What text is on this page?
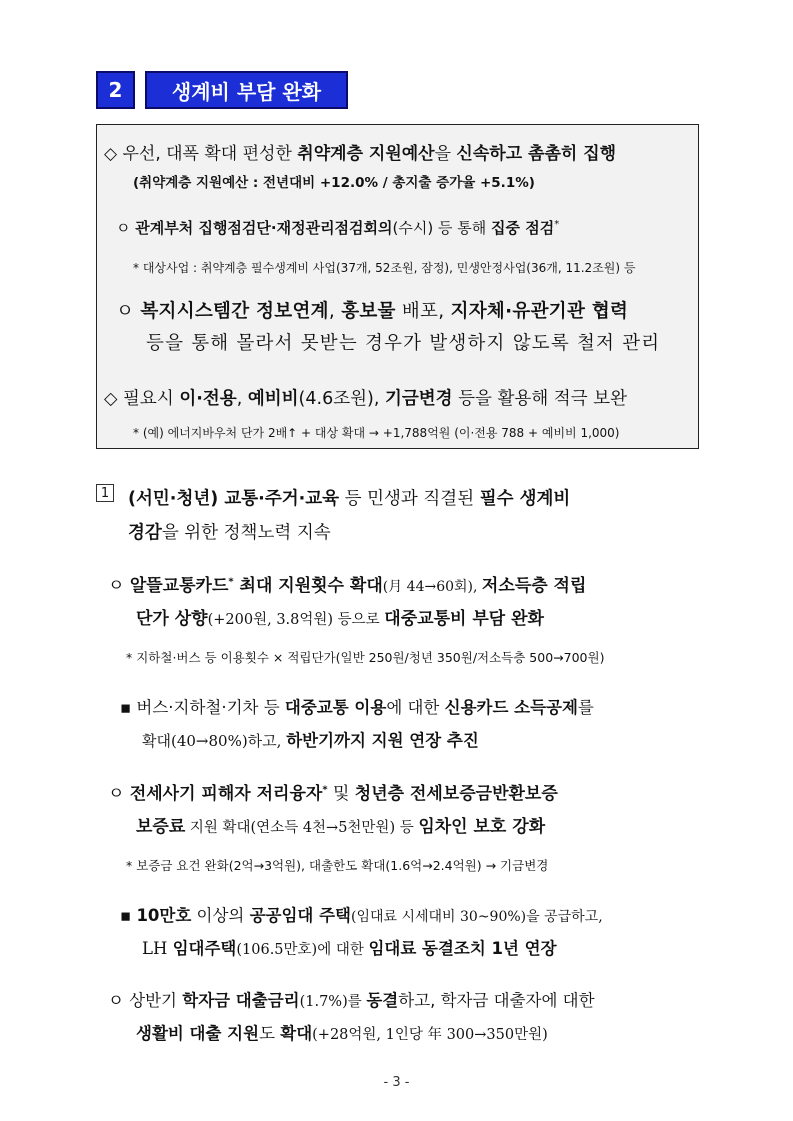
2	생계비 부담 완화
◇ 우선, 대폭 확대 편성한 취약계층 지원예산을 신속하고 촘촘히 집행
(취약계층 지원예산 : 전년대비 +12.0% / 총지출 증가율 +5.1%)
ㅇ 관계부처 집행점검단·재정관리점검회의(수시) 등 통해 집중 점검*
* 대상사업 : 취약계층 필수생계비 사업(37개, 52조원, 잠정), 민생안정사업(36개, 11.2조원) 등
ㅇ 복지시스템간 정보연계, 홍보물 배포, 지자체·유관기관 협력
등을 통해 몰라서 못받는 경우가 발생하지 않도록 철저 관리
◇ 필요시 이·전용, 예비비(4.6조원), 기금변경 등을 활용해 적극 보완
* (예) 에너지바우처 단가 2배↑ + 대상 확대 → +1,788억원 (이·전용 788 + 예비비 1,000)
1 (서민·청년) 교통·주거·교육 등 민생과 직결된 필수 생계비
경감을 위한 정책노력 지속
ㅇ 알뜰교통카드* 최대 지원횟수 확대(月 44→60회), 저소득층 적립
단가 상향(+200원, 3.8억원) 등으로 대중교통비 부담 완화
* 지하철·버스 등 이용횟수 × 적립단가(일반 250원/청년 350원/저소득층 500→700원)
▪ 버스·지하철·기차 등 대중교통 이용에 대한 신용카드 소득공제를
확대(40→80%)하고, 하반기까지 지원 연장 추진
ㅇ 전세사기 피해자 저리융자* 및 청년층 전세보증금반환보증
보증료 지원 확대(연소득 4천→5천만원) 등 임차인 보호 강화
* 보증금 요건 완화(2억→3억원), 대출한도 확대(1.6억→2.4억원) → 기금변경
▪ 10만호 이상의 공공임대 주택(임대료 시세대비 30~90%)을 공급하고,
LH 임대주택(106.5만호)에 대한 임대료 동결조치 1년 연장
ㅇ 상반기 학자금 대출금리(1.7%)를 동결하고, 학자금 대출자에 대한
생활비 대출 지원도 확대(+28억원, 1인당 年 300→350만원)
- 3 -
